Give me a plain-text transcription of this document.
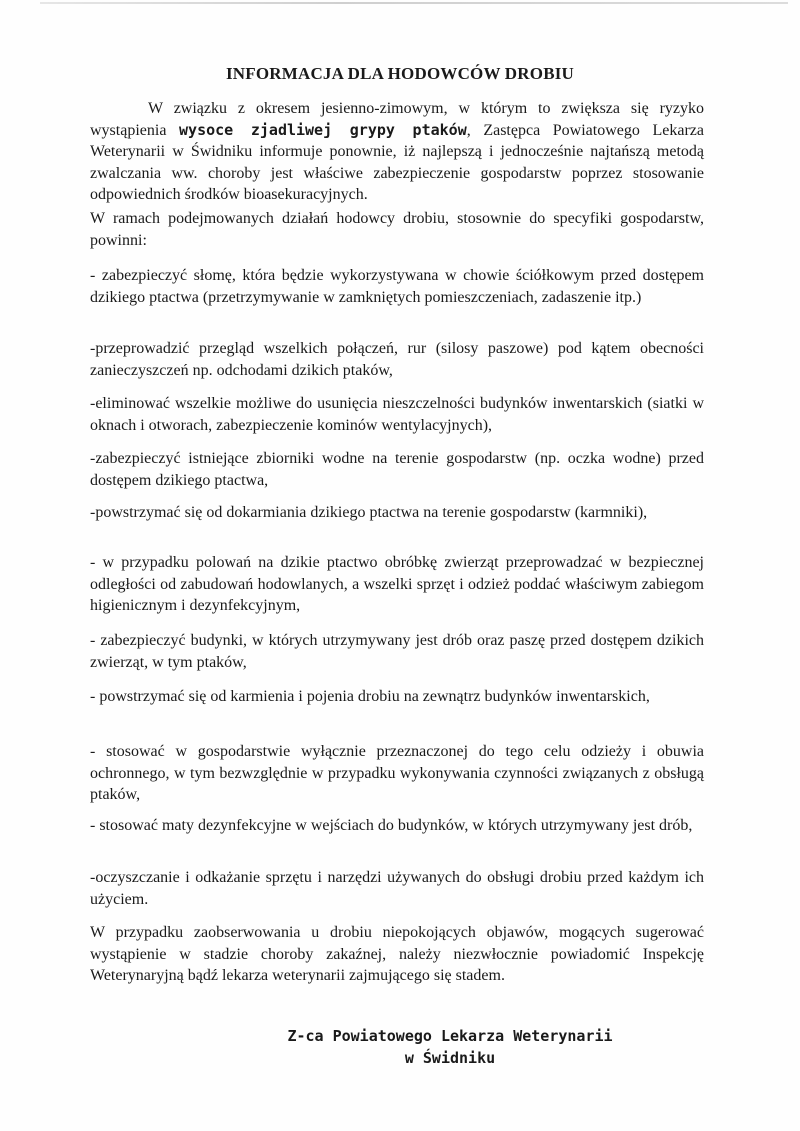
INFORMACJA DLA HODOWCÓW DROBIU

W związku z okresem jesienno-zimowym, w którym to zwiększa się ryzyko wystąpienia wysoce zjadliwej grypy ptaków, Zastępca Powiatowego Lekarza Weterynarii w Świdniku informuje ponownie, iż najlepszą i jednocześnie najtańszą metodą zwalczania ww. choroby jest właściwe zabezpieczenie gospodarstw poprzez stosowanie odpowiednich środków bioasekuracyjnych.

W ramach podejmowanych działań hodowcy drobiu, stosownie do specyfiki gospodarstw, powinni:

- zabezpieczyć słomę, która będzie wykorzystywana w chowie ściółkowym przed dostępem dzikiego ptactwa (przetrzymywanie w zamkniętych pomieszczeniach, zadaszenie itp.)

-przeprowadzić przegląd wszelkich połączeń, rur (silosy paszowe) pod kątem obecności zanieczyszczeń np. odchodami dzikich ptaków,

-eliminować wszelkie możliwe do usunięcia nieszczelności budynków inwentarskich (siatki w oknach i otworach, zabezpieczenie kominów wentylacyjnych),

-zabezpieczyć istniejące zbiorniki wodne na terenie gospodarstw (np. oczka wodne) przed dostępem dzikiego ptactwa,

-powstrzymać się od dokarmiania dzikiego ptactwa na terenie gospodarstw (karmniki),

- w przypadku polowań na dzikie ptactwo obróbkę zwierząt przeprowadzać w bezpiecznej odległości od zabudowań hodowlanych, a wszelki sprzęt i odzież poddać właściwym zabiegom higienicznym i dezynfekcyjnym,

- zabezpieczyć budynki, w których utrzymywany jest drób oraz paszę przed dostępem dzikich zwierząt, w tym ptaków,

- powstrzymać się od karmienia i pojenia drobiu na zewnątrz budynków inwentarskich,

- stosować w gospodarstwie wyłącznie przeznaczonej do tego celu odzieży i obuwia ochronnego, w tym bezwzględnie w przypadku wykonywania czynności związanych z obsługą ptaków,

- stosować maty dezynfekcyjne w wejściach do budynków, w których utrzymywany jest drób,

-oczyszczanie i odkażanie sprzętu i narzędzi używanych do obsługi drobiu przed każdym ich użyciem.

W przypadku zaobserwowania u drobiu niepokojących objawów, mogących sugerować wystąpienie w stadzie choroby zakaźnej, należy niezwłocznie powiadomić Inspekcję Weterynaryjną bądź lekarza weterynarii zajmującego się stadem.

Z-ca Powiatowego Lekarza Weterynarii
w Świdniku
